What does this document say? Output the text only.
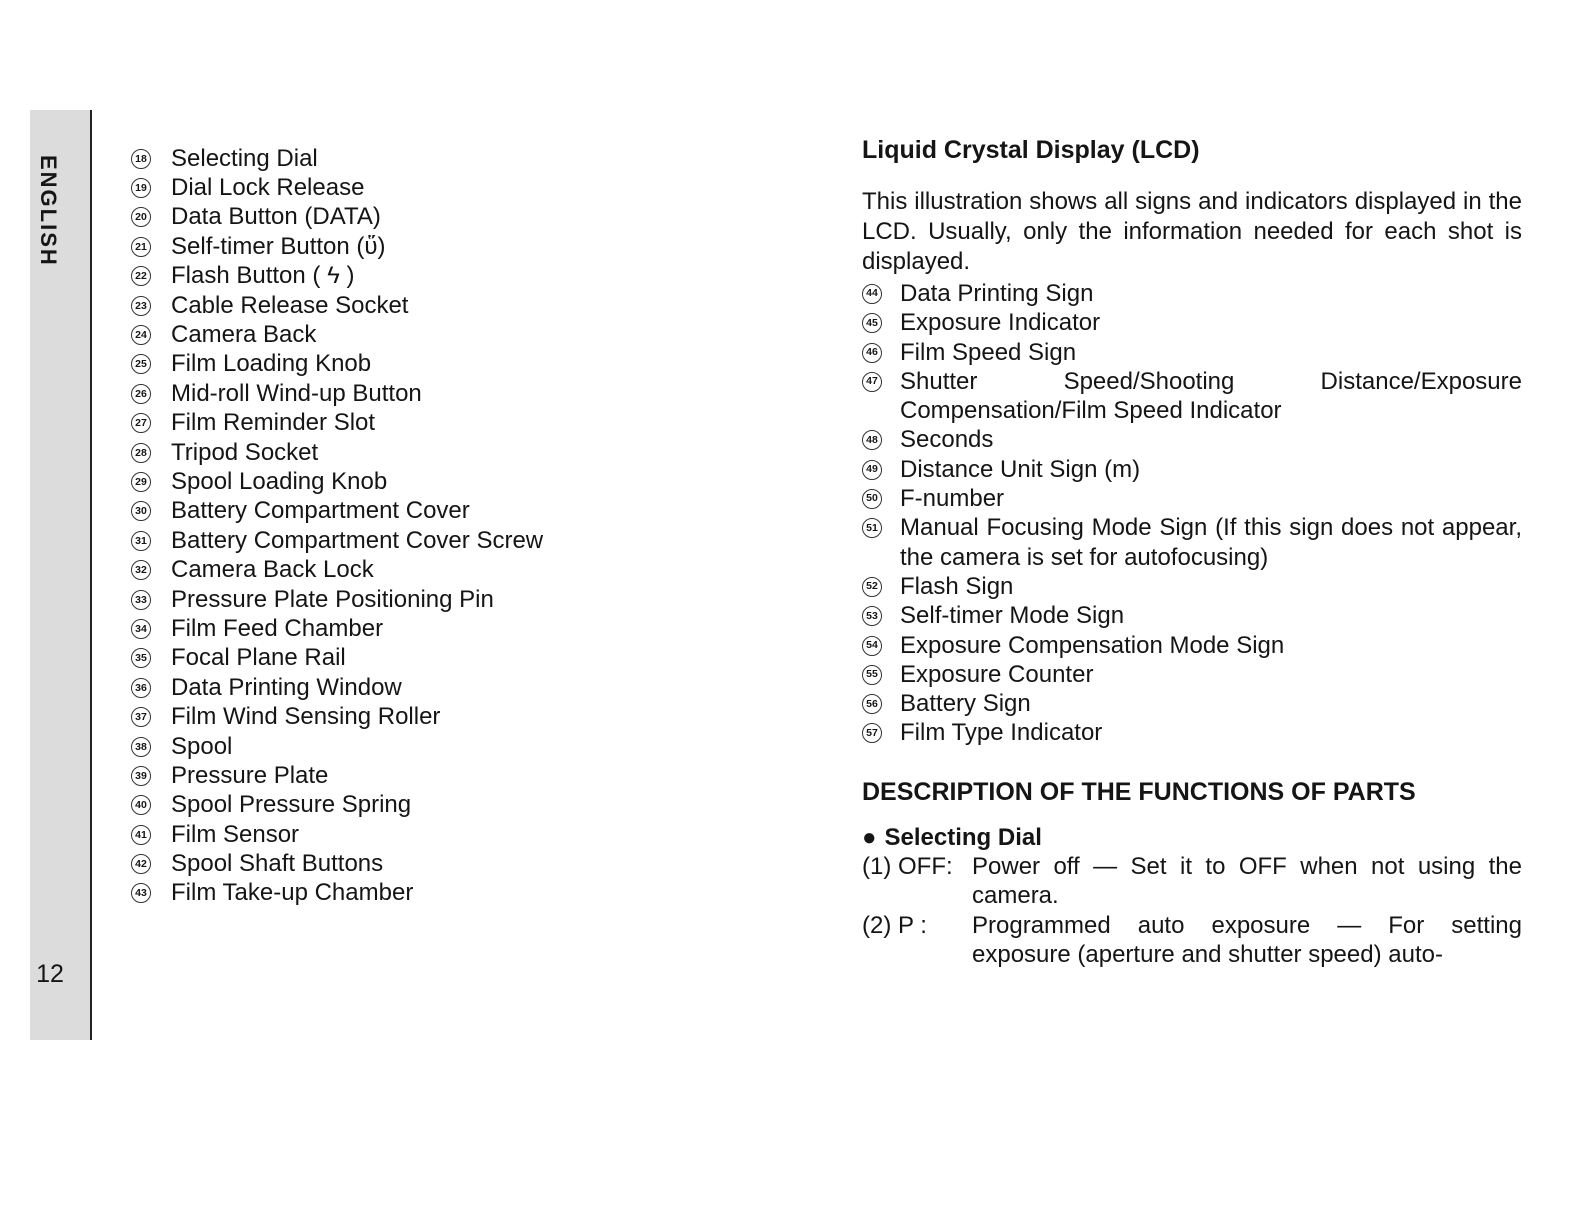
ENGLISH
12
18 Selecting Dial
19 Dial Lock Release
20 Data Button (DATA)
21 Self-timer Button (ὕ)
22 Flash Button ( ϟ )
23 Cable Release Socket
24 Camera Back
25 Film Loading Knob
26 Mid-roll Wind-up Button
27 Film Reminder Slot
28 Tripod Socket
29 Spool Loading Knob
30 Battery Compartment Cover
31 Battery Compartment Cover Screw
32 Camera Back Lock
33 Pressure Plate Positioning Pin
34 Film Feed Chamber
35 Focal Plane Rail
36 Data Printing Window
37 Film Wind Sensing Roller
38 Spool
39 Pressure Plate
40 Spool Pressure Spring
41 Film Sensor
42 Spool Shaft Buttons
43 Film Take-up Chamber
Liquid Crystal Display (LCD)
This illustration shows all signs and indicators displayed in the LCD. Usually, only the information needed for each shot is displayed.
44 Data Printing Sign
45 Exposure Indicator
46 Film Speed Sign
47 Shutter Speed/Shooting Distance/Exposure Compensation/Film Speed Indicator
48 Seconds
49 Distance Unit Sign (m)
50 F-number
51 Manual Focusing Mode Sign (If this sign does not appear, the camera is set for autofocusing)
52 Flash Sign
53 Self-timer Mode Sign
54 Exposure Compensation Mode Sign
55 Exposure Counter
56 Battery Sign
57 Film Type Indicator
DESCRIPTION OF THE FUNCTIONS OF PARTS
● Selecting Dial
(1) OFF: Power off — Set it to OFF when not using the camera.
(2) P :	Programmed auto exposure — For setting exposure (aperture and shutter speed) auto-
